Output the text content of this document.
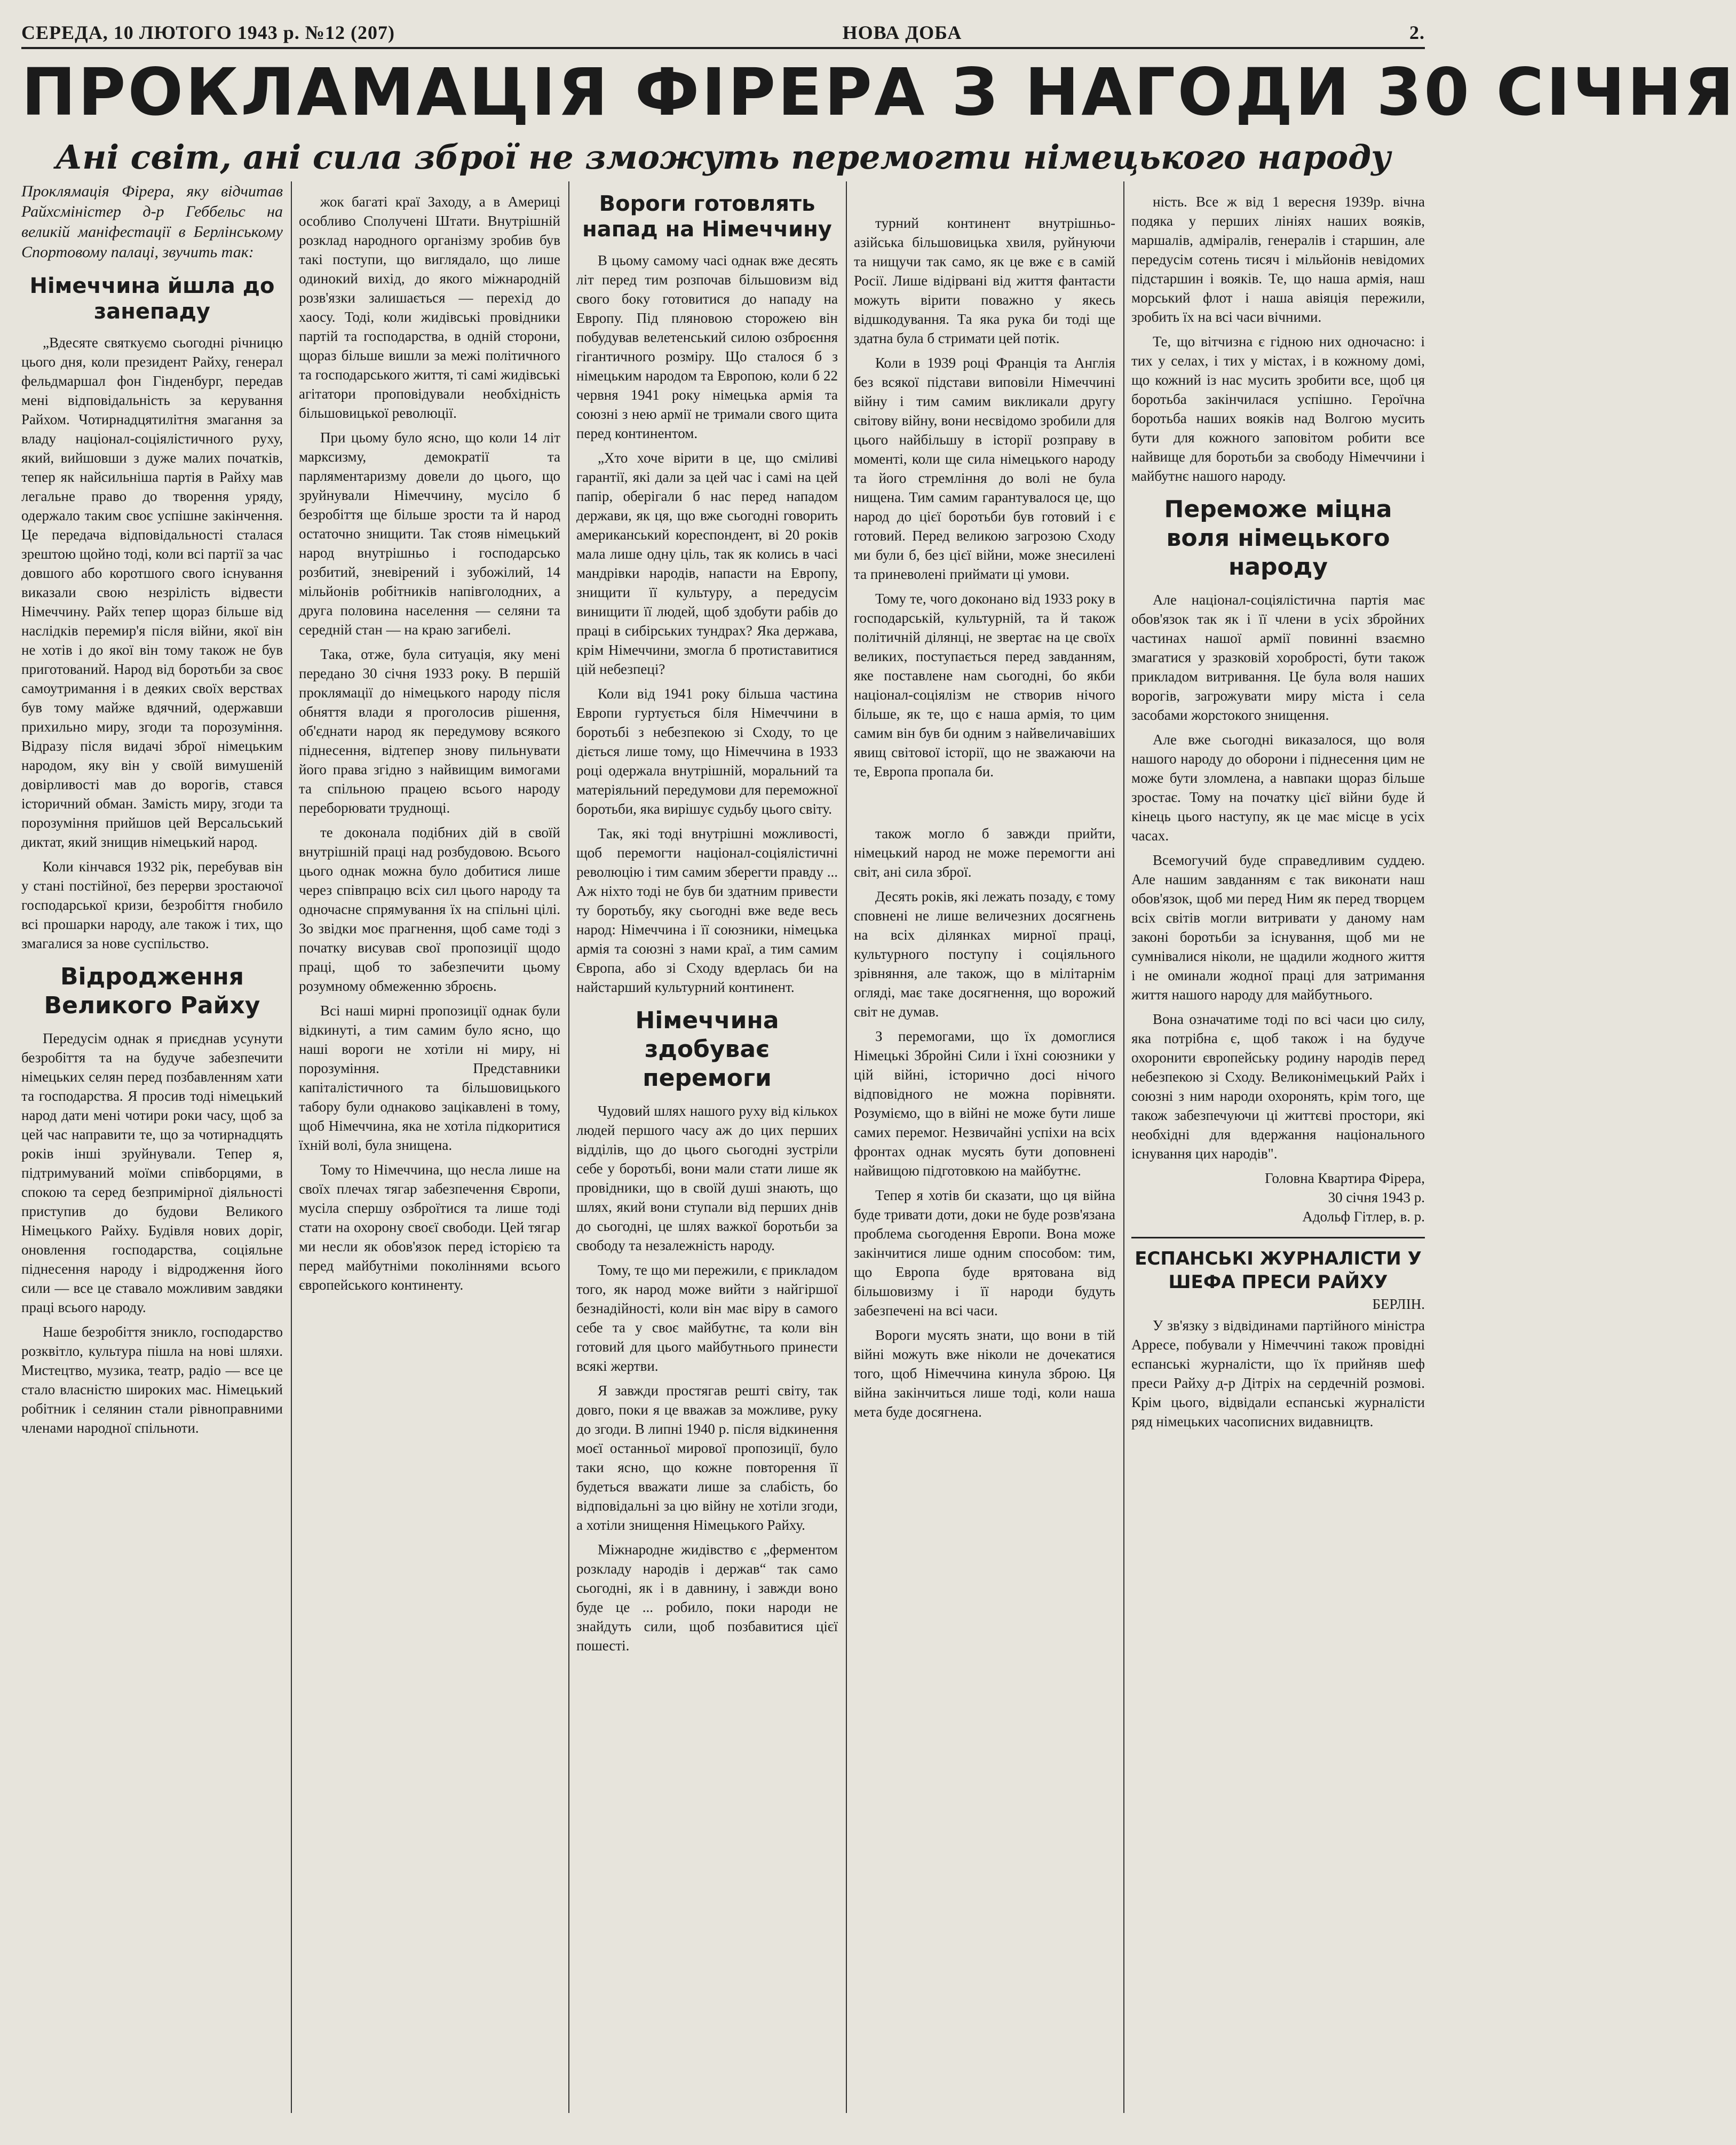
СЕРЕДА, 10 ЛЮТОГО 1943 р. №12 (207)	НОВА ДОБА	2.
ПРОКЛАМАЦІЯ ФІРЕРА З НАГОДИ 30 СІЧНЯ
Ані світ, ані сила зброї не зможуть перемогти німецького народу
Проклямація Фірера, яку відчитав Райхсміністер д-р Геббельс на великій маніфестації в Берлінському Спортовому палаці, звучить так:
Німеччина йшла до занепаду

„Вдесяте святкуємо сьогодні річницю цього дня, коли президент Райху, генерал фельдмаршал фон Гінденбург, передав мені відповідальність за керування Райхом. Чотирнадцятилітня змагання за владу націонал-соціялістичного руху, який, вийшовши з дуже малих початків, тепер як найсильніша партія в Райху мав легальне право до творення уряду, одержало таким своє успішне закінчення. Це передача відповідальності сталася зрештою щойно тоді, коли всі партії за час довшого або коротшого свого існування виказали свою незрілість відвести Німеччину. Райх тепер щораз більше від наслідків перемир'я після війни, якої він не хотів і до якої він тому також не був приготований. Народ від боротьби за своє самоутримання і в деяких своїх верствах був тому майже вдячний, одержавши прихильно миру, згоди та порозуміння. Відразу після видачі зброї німецьким народом, яку він у своїй вимушеній довірливості мав до ворогів, стався історичний обман. Замість миру, згоди та порозуміння прийшов цей Версальський диктат, який знищив німецький народ.

Коли кінчався 1932 рік, перебував він у стані постійної, без перерви зростаючої господарської кризи, безробіття гнобило всі прошарки народу, але також і тих, що змагалися за нове суспільство.

Відродження Великого Райху

Передусім однак я приєднав усунути безробіття та на будуче забезпечити німецьких селян перед позбавленням хати та господарства. Я просив тоді німецький народ дати мені чотири роки часу, щоб за цей час направити те, що за чотирнадцять років інші зруйнували. Тепер я, підтримуваний моїми співборцями, в спокою та серед безпримірної діяльності приступив до будови Великого Німецького Райху. Будівля нових доріг, оновлення господарства, соціяльне піднесення народу і відродження його сили — все це ставало можливим завдяки праці всього народу.

Наше безробіття зникло, господарство розквітло, культура пішла на нові шляхи. Мистецтво, музика, театр, радіо — все це стало власністю широких мас. Німецький робітник і селянин стали рівноправними членами народної спільноти.

жок багаті краї Заходу, а в Америці особливо Сполучені Штати. Внутрішній розклад народного організму зробив був такі поступи, що виглядало, що лише одинокий вихід, до якого міжнародній розв'язки залишається — перехід до хаосу. Тоді, коли жидівські провідники партій та господарства, в одній сторони, щораз більше вишли за межі політичного та господарського життя, ті самі жидівські агітатори проповідували необхідність більшовицької революції.

При цьому було ясно, що коли 14 літ марксизму, демократії та парляментаризму довели до цього, що зруйнували Німеччину, мусіло б безробіття ще більше зрости та й народ остаточно знищити. Так стояв німецький народ внутрішньо і господарсько розбитий, зневірений і зубожілий, 14 мільйонів робітників напівголодних, а друга половина населення — селяни та середній стан — на краю загибелі.

Така, отже, була ситуація, яку мені передано 30 січня 1933 року. В першій проклямації до німецького народу після обняття влади я проголосив рішення, об'єднати народ як передумову всякого піднесення, відтепер знову пильнувати його права згідно з найвищим вимогами та спільною працею всього народу переборювати труднощі.

те доконала подібних дій в своїй внутрішній праці над розбудовою. Всього цього однак можна було добитися лише через співпрацю всіх сил цього народу та одночасне спрямування їх на спільні цілі. Зо звідки моє прагнення, щоб саме тоді з початку висував свої пропозиції щодо праці, щоб то забезпечити цьому розумному обмеженню зброєнь.

Всі наші мирні пропозиції однак були відкинуті, а тим самим було ясно, що наші вороги не хотіли ні миру, ні порозуміння. Представники капіталістичного та більшовицького табору були однаково зацікавлені в тому, щоб Німеччина, яка не хотіла підкоритися їхній волі, була знищена.

Тому то Німеччина, що несла лише на своїх плечах тягар забезпечення Європи, мусіла спершу озброїтися та лише тоді стати на охорону своєї свободи. Цей тягар ми несли як обов'язок перед історією та перед майбутніми поколіннями всього європейського континенту.

Вороги готовлять напад на Німеччину

В цьому самому часі однак вже десять літ перед тим розпочав більшовизм від свого боку готовитися до нападу на Европу. Під пляновою сторожею він побудував велетенський силою озброєння гігантичного розміру. Що сталося б з німецьким народом та Европою, коли б 22 червня 1941 року німецька армія та союзні з нею армії не тримали свого щита перед континентом.

„Хто хоче вірити в це, що сміливі гарантії, які дали за цей час і самі на цей папір, оберігали б нас перед нападом держави, як ця, що вже сьогодні говорить американський кореспондент, ві 20 років мала лише одну ціль, так як колись в часі мандрівки народів, напасти на Европу, знищити її культуру, а передусім винищити її людей, щоб здобути рабів до праці в сибірських тундрах? Яка держава, крім Німеччини, змогла б протиставитися цій небезпеці?

Коли від 1941 року більша частина Европи гуртується біля Німеччини в боротьбі з небезпекою зі Сходу, то це діється лише тому, що Німеччина в 1933 році одержала внутрішній, моральний та матеріяльний передумови для переможної боротьби, яка вирішує судьбу цього світу.

Так, які тоді внутрішні можливості, щоб перемогти націонал-соціялістичні революцію і тим самим зберегти правду ... Аж ніхто тоді не був би здатним привести ту боротьбу, яку сьогодні вже веде весь народ: Німеччина і її союзники, німецька армія та союзні з нами краї, а тим самим Європа, або зі Сходу вдерлась би на найстарший культурний континент.

Німеччина здобуває перемоги

Чудовий шлях нашого руху від кількох людей першого часу аж до цих перших відділів, що до цього сьогодні зустріли себе у боротьбі, вони мали стати лише як провідники, що в своїй душі знають, що шлях, який вони ступали від перших днів до сьогодні, це шлях важкої боротьби за свободу та незалежність народу.

Тому, те що ми пережили, є прикладом того, як народ може вийти з найгіршої безнадійності, коли він має віру в самого себе та у своє майбутнє, та коли він готовий для цього майбутнього принести всякі жертви.

Я завжди простягав решті світу, так довго, поки я це вважав за можливе, руку до згоди. В липні 1940 р. після відкинення моєї останньої мирової пропозиції, було таки ясно, що кожне повторення її будеться вважати лише за слабість, бо відповідальні за цю війну не хотіли згоди, а хотіли знищення Німецького Райху.

Міжнародне жидівство є „ферментом розкладу народів і держав“ так само сьогодні, як і в давнину, і завжди воно буде це ... робило, поки народи не знайдуть сили, щоб позбавитися цієї пошесті.

турний континент внутрішньо-азійська більшовицька хвиля, руйнуючи та нищучи так само, як це вже є в самій Росії. Лише відірвані від життя фантасти можуть вірити поважно у якесь відшкодування. Та яка рука би тоді ще здатна була б стримати цей потік.

Коли в 1939 році Франція та Англія без всякої підстави виповіли Німеччині війну і тим самим викликали другу світову війну, вони несвідомо зробили для цього найбільшу в історії розправу в моменті, коли ще сила німецького народу та його стремління до волі не була нищена. Тим самим гарантувалося це, що народ до цієї боротьби був готовий і є готовий. Перед великою загрозою Сходу ми були б, без цієї війни, може знесилені та приневолені приймати ці умови.

Тому те, чого доконано від 1933 року в господарській, культурній, та й також політичній ділянці, не звертає на це своїх великих, поступається перед завданням, яке поставлене нам сьогодні, бо якби націонал-соціялізм не створив нічого більше, як те, що є наша армія, то цим самим він був би одним з найвеличавіших явищ світової історії, що не зважаючи на те, Европа пропала би.

також могло б завжди прийти, німецький народ не може перемогти ані світ, ані сила зброї.

Десять років, які лежать позаду, є тому сповнені не лише величезних досягнень на всіх ділянках мирної праці, культурного поступу і соціяльного зрівняння, але також, що в мілітарнім огляді, має таке досягнення, що ворожий світ не думав.

З перемогами, що їх домоглися Німецькі Збройні Сили і їхні союзники у цій війні, історично досі нічого відповідного не можна порівняти. Розуміємо, що в війні не може бути лише самих перемог. Незвичайні успіхи на всіх фронтах однак мусять бути доповнені найвищою підготовкою на майбутнє.

Тепер я хотів би сказати, що ця війна буде тривати доти, доки не буде розв'язана проблема сьогодення Европи. Вона може закінчитися лише одним способом: тим, що Европа буде врятована від більшовизму і її народи будуть забезпечені на всі часи.

Вороги мусять знати, що вони в тій війні можуть вже ніколи не дочекатися того, щоб Німеччина кинула зброю. Ця війна закінчиться лише тоді, коли наша мета буде досягнена.

ність. Все ж від 1 вересня 1939р. вічна подяка у перших лініях наших вояків, маршалів, адміралів, генералів і старшин, але передусім сотень тисяч і мільйонів невідомих підстаршин і вояків. Те, що наша армія, наш морський флот і наша авіяція пережили, зробить їх на всі часи вічними.

Те, що вітчизна є гідною них одночасно: і тих у селах, і тих у містах, і в кожному домі, що кожний із нас мусить зробити все, щоб ця боротьба закінчилася успішно. Героїчна боротьба наших вояків над Волгою мусить бути для кожного заповітом робити все найвище для боротьби за свободу Німеччини і майбутнє нашого народу.

Переможе міцна воля німецького народу

Але націонал-соціялістична партія має обов'язок так як і її члени в усіх збройних частинах нашої армії повинні взаємно змагатися у зразковій хоробрості, бути також прикладом витривання. Це була воля наших ворогів, загрожувати миру міста і села засобами жорстокого знищення.

Але вже сьогодні виказалося, що воля нашого народу до оборони і піднесення цим не може бути зломлена, а навпаки щораз більше зростає. Тому на початку цієї війни буде й кінець цього наступу, як це має місце в усіх часах.

Всемогучий буде справедливим суддею. Але нашим завданням є так виконати наш обов'язок, щоб ми перед Ним як перед творцем всіх світів могли витривати у даному нам законі боротьби за існування, щоб ми не сумнівалися ніколи, не щадили жодного життя і не оминали жодної праці для затримання життя нашого народу для майбутнього.

Вона означатиме тоді по всі часи цю силу, яка потрібна є, щоб також і на будуче охоронити європейську родину народів перед небезпекою зі Сходу. Великонімецький Райх і союзні з ним народи охоронять, крім того, ще також забезпечуючи ці життєві простори, які необхідні для вдержання національного існування цих народів".

Головна Квартира Фірера,
30 січня 1943 р.
Адольф Гітлер, в. р.
ЕСПАНСЬКІ ЖУРНАЛІСТИ У ШЕФА ПРЕСИ РАЙХУ
БЕРЛІН.

У зв'язку з відвідинами партійного міністра Арресе, побували у Німеччині також провідні еспанські журналісти, що їх прийняв шеф преси Райху д-р Дітріх на сердечній розмові. Крім цього, відвідали еспанські журналісти ряд німецьких часописних видавництв.
